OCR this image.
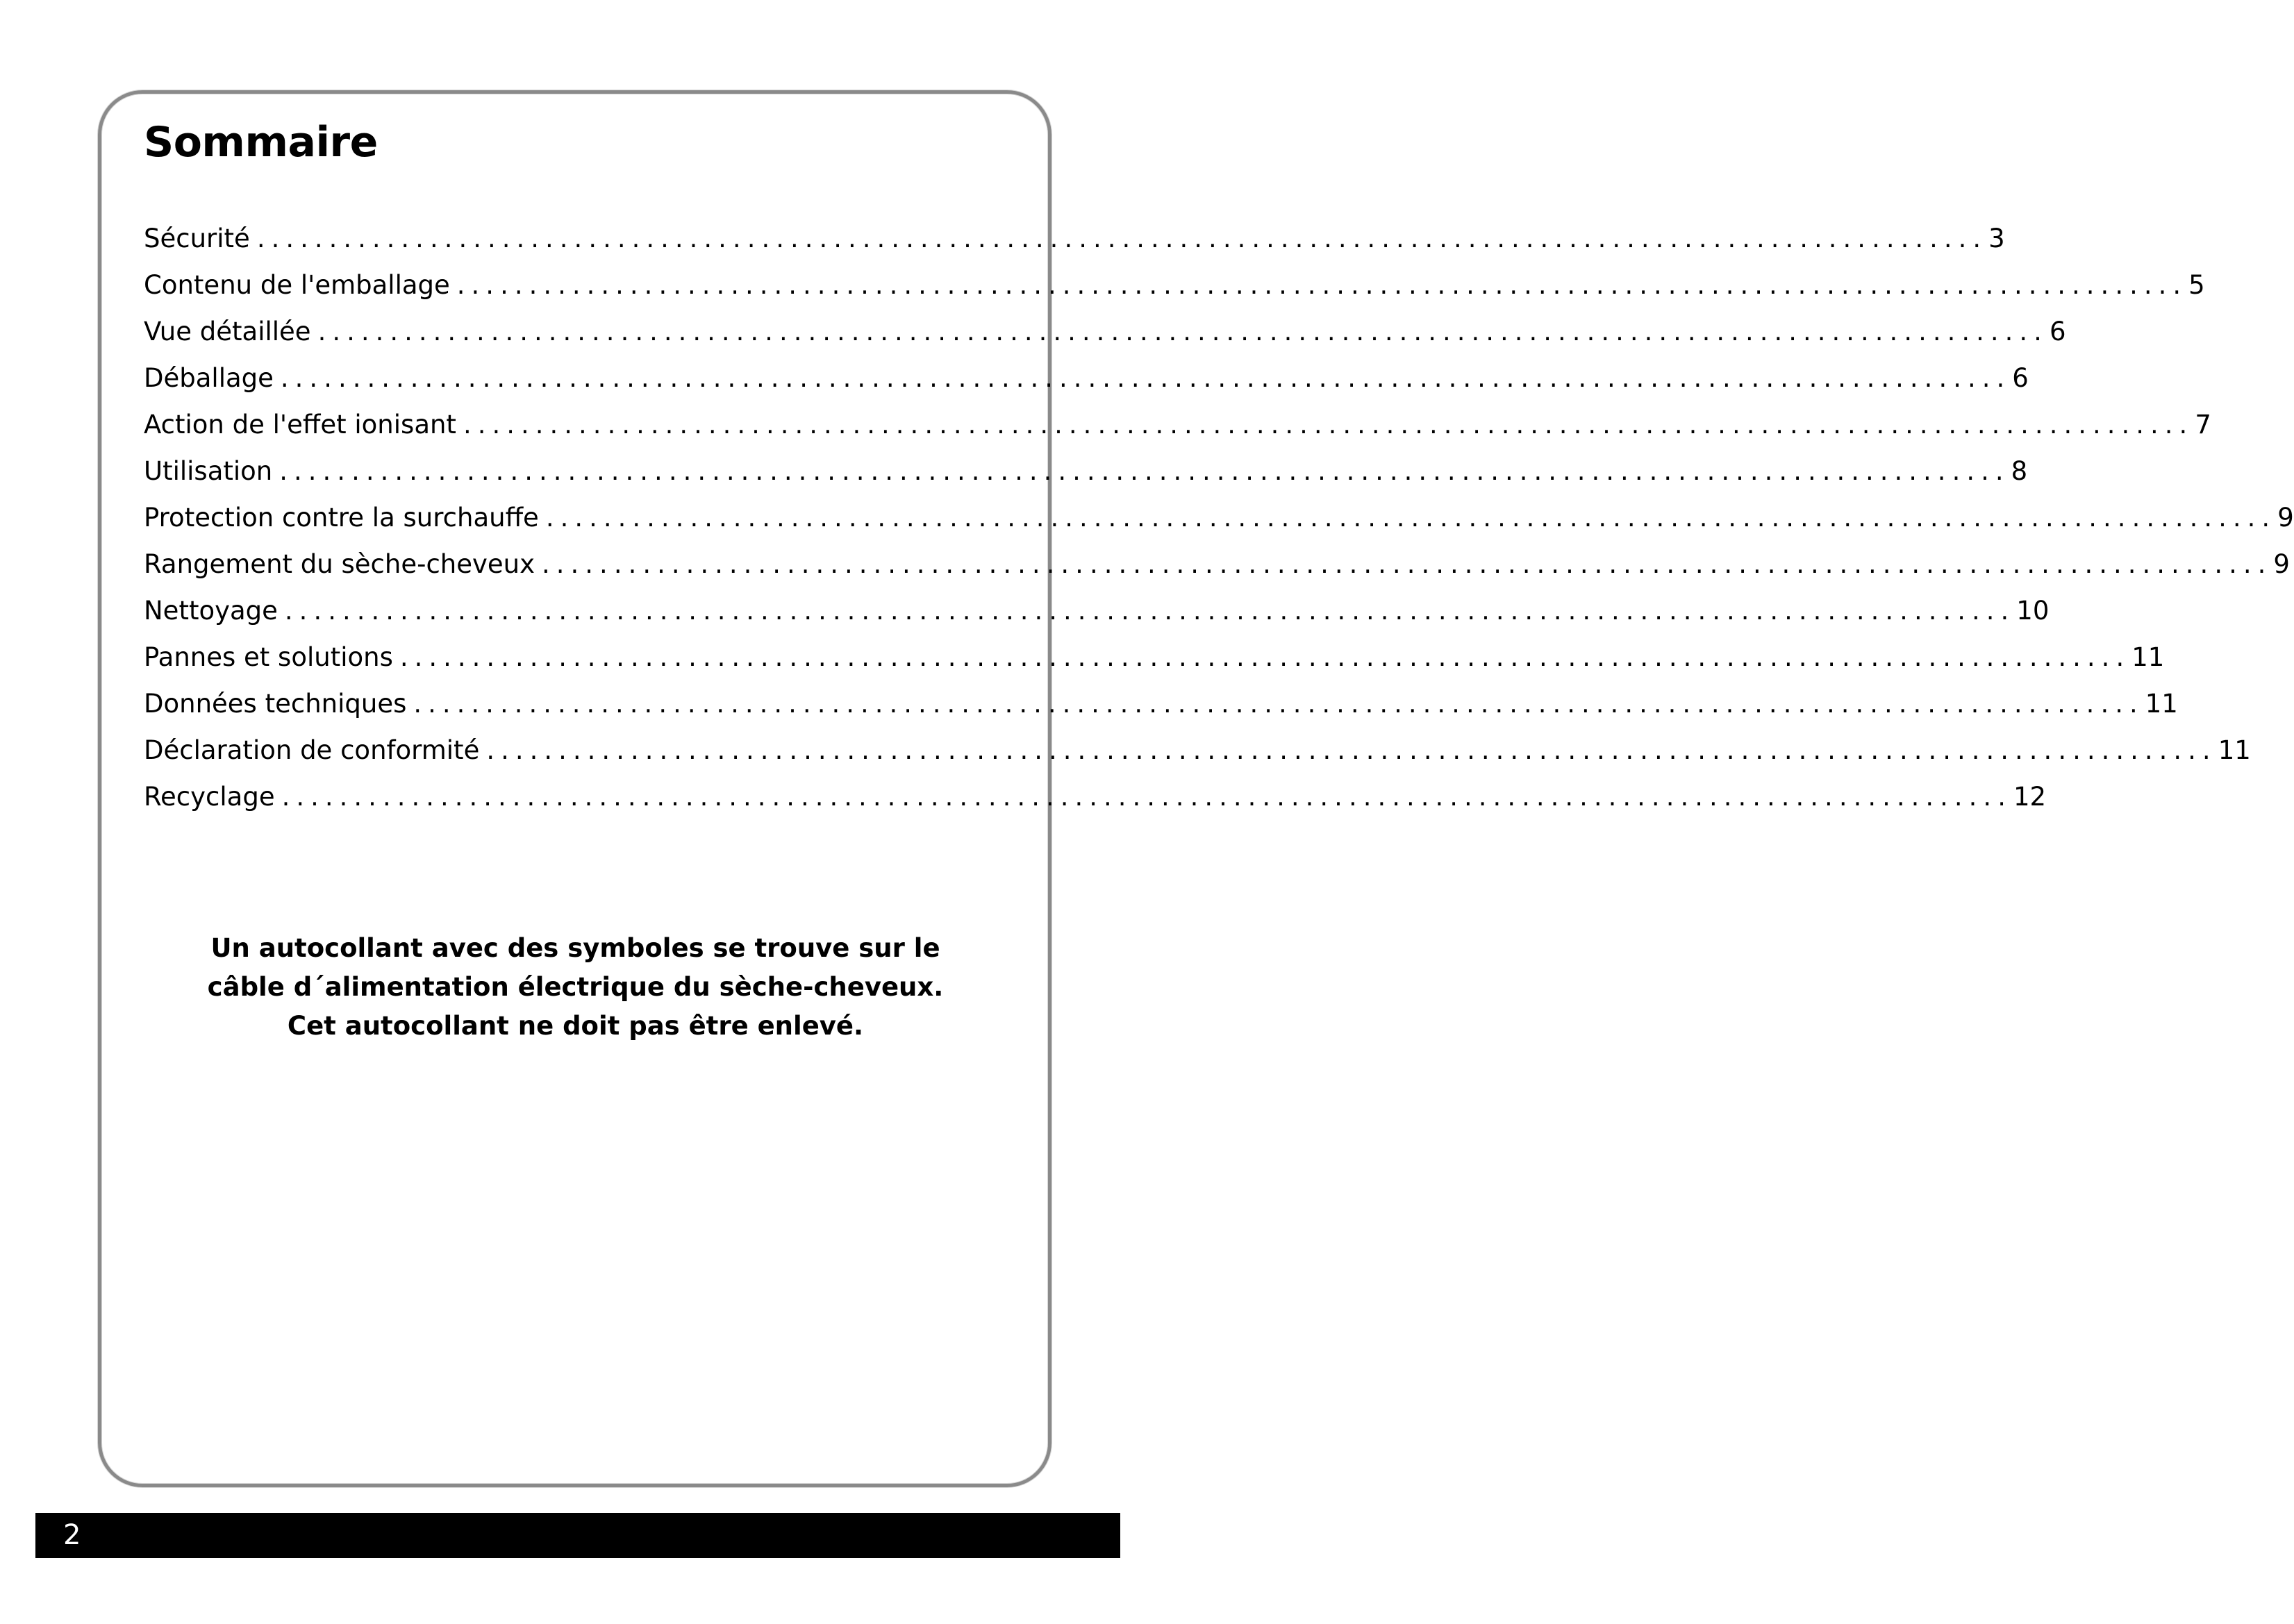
Sommaire
Sécurité ........................................................................................................................ 3
Contenu de l'emballage ........................................................................................................................ 5
Vue détaillée ........................................................................................................................ 6
Déballage ........................................................................................................................ 6
Action de l'effet ionisant ........................................................................................................................ 7
Utilisation ........................................................................................................................ 8
Protection contre la surchauffe ........................................................................................................................ 9
Rangement du sèche-cheveux ........................................................................................................................ 9
Nettoyage ........................................................................................................................ 10
Pannes et solutions ........................................................................................................................ 11
Données techniques ........................................................................................................................ 11
Déclaration de conformité ........................................................................................................................ 11
Recyclage ........................................................................................................................ 12

Un autocollant avec des symboles se trouve sur le
câble d´alimentation électrique du sèche-cheveux.
Cet autocollant ne doit pas être enlevé.

2
